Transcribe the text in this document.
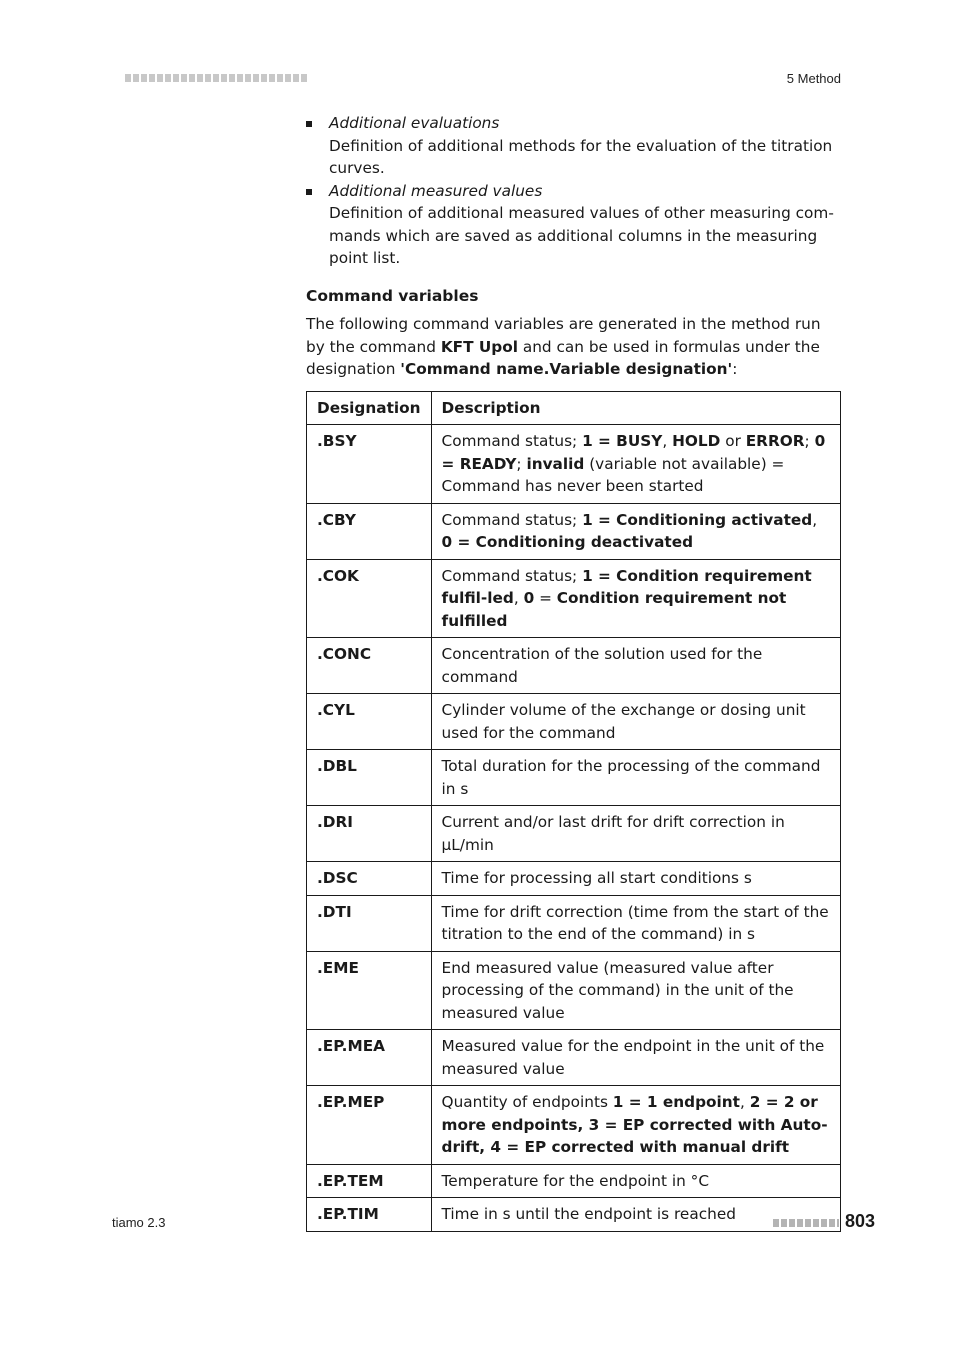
5 Method
Additional evaluations
Definition of additional methods for the evaluation of the titration curves.
Additional measured values
Definition of additional measured values of other measuring com-mands which are saved as additional columns in the measuring point list.
Command variables

The following command variables are generated in the method run by the command KFT Upol and can be used in formulas under the designation 'Command name.Variable designation':

Designation	Description
.BSY	Command status; 1 = BUSY, HOLD or ERROR; 0 = READY; invalid (variable not available) = Command has never been started
.CBY	Command status; 1 = Conditioning activated, 0 = Conditioning deactivated
.COK	Command status; 1 = Condition requirement fulfil-led, 0 = Condition requirement not fulfilled
.CONC	Concentration of the solution used for the command
.CYL	Cylinder volume of the exchange or dosing unit used for the command
.DBL	Total duration for the processing of the command in s
.DRI	Current and/or last drift for drift correction in µL/min
.DSC	Time for processing all start conditions s
.DTI	Time for drift correction (time from the start of the titration to the end of the command) in s
.EME	End measured value (measured value after processing of the command) in the unit of the measured value
.EP.MEA	Measured value for the endpoint in the unit of the measured value
.EP.MEP	Quantity of endpoints 1 = 1 endpoint, 2 = 2 or more endpoints, 3 = EP corrected with Auto-drift, 4 = EP corrected with manual drift
.EP.TEM	Temperature for the endpoint in °C
.EP.TIM	Time in s until the endpoint is reached
tiamo 2.3	803
